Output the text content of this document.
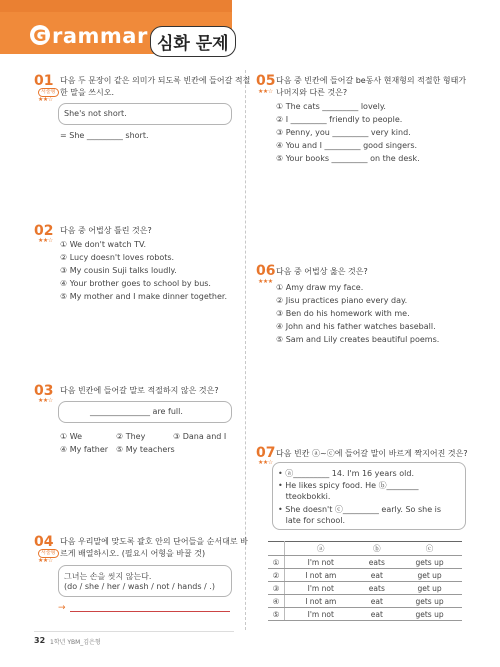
G rammar 심화 문제
01
서술형
★★☆
다음 두 문장이 같은 의미가 되도록 빈칸에 들어갈 적절
한 말을 쓰시오.
She's not short.
= She _________ short.
02
★★☆
다음 중 어법상 틀린 것은?
① We don't watch TV.
② Lucy doesn't loves robots.
③ My cousin Suji talks loudly.
④ Your brother goes to school by bus.
⑤ My mother and I make dinner together.
03
★★☆
다음 빈칸에 들어갈 말로 적절하지 않은 것은?
_______________ are full.
① We	② They	③ Dana and I
④ My father ⑤ My teachers
04
서술형
★★☆
다음 우리말에 맞도록 괄호 안의 단어들을 순서대로 바
르게 배열하시오. (필요시 어형을 바꿀 것)
그녀는 손을 씻지 않는다.
(do / she / her / wash / not / hands / .)
→
05
★★☆
다음 중 빈칸에 들어갈 be동사 현재형의 적절한 형태가
나머지와 다른 것은?
① The cats _________ lovely.
② I _________ friendly to people.
③ Penny, you _________ very kind.
④ You and I _________ good singers.
⑤ Your books _________ on the desk.
06
★★★
다음 중 어법상 옳은 것은?
① Amy draw my face.
② Jisu practices piano every day.
③ Ben do his homework with me.
④ John and his father watches baseball.
⑤ Sam and Lily creates beautiful poems.
07
★★☆
다음 빈칸 ⓐ~ⓒ에 들어갈 말이 바르게 짝지어진 것은?
• ⓐ_________ 14. I'm 16 years old.
• He likes spicy food. He ⓑ________
tteokbokki.
• She doesn't ⓒ_________ early. So she is
late for school.
	ⓐ	ⓑ	ⓒ
①	I'm not	eats	gets up
②	I not am	eat	get up
③	I'm not	eats	get up
④	I not am	eat	gets up
⑤	I'm not	eat	gets up
32 1학년 YBM_김은형
